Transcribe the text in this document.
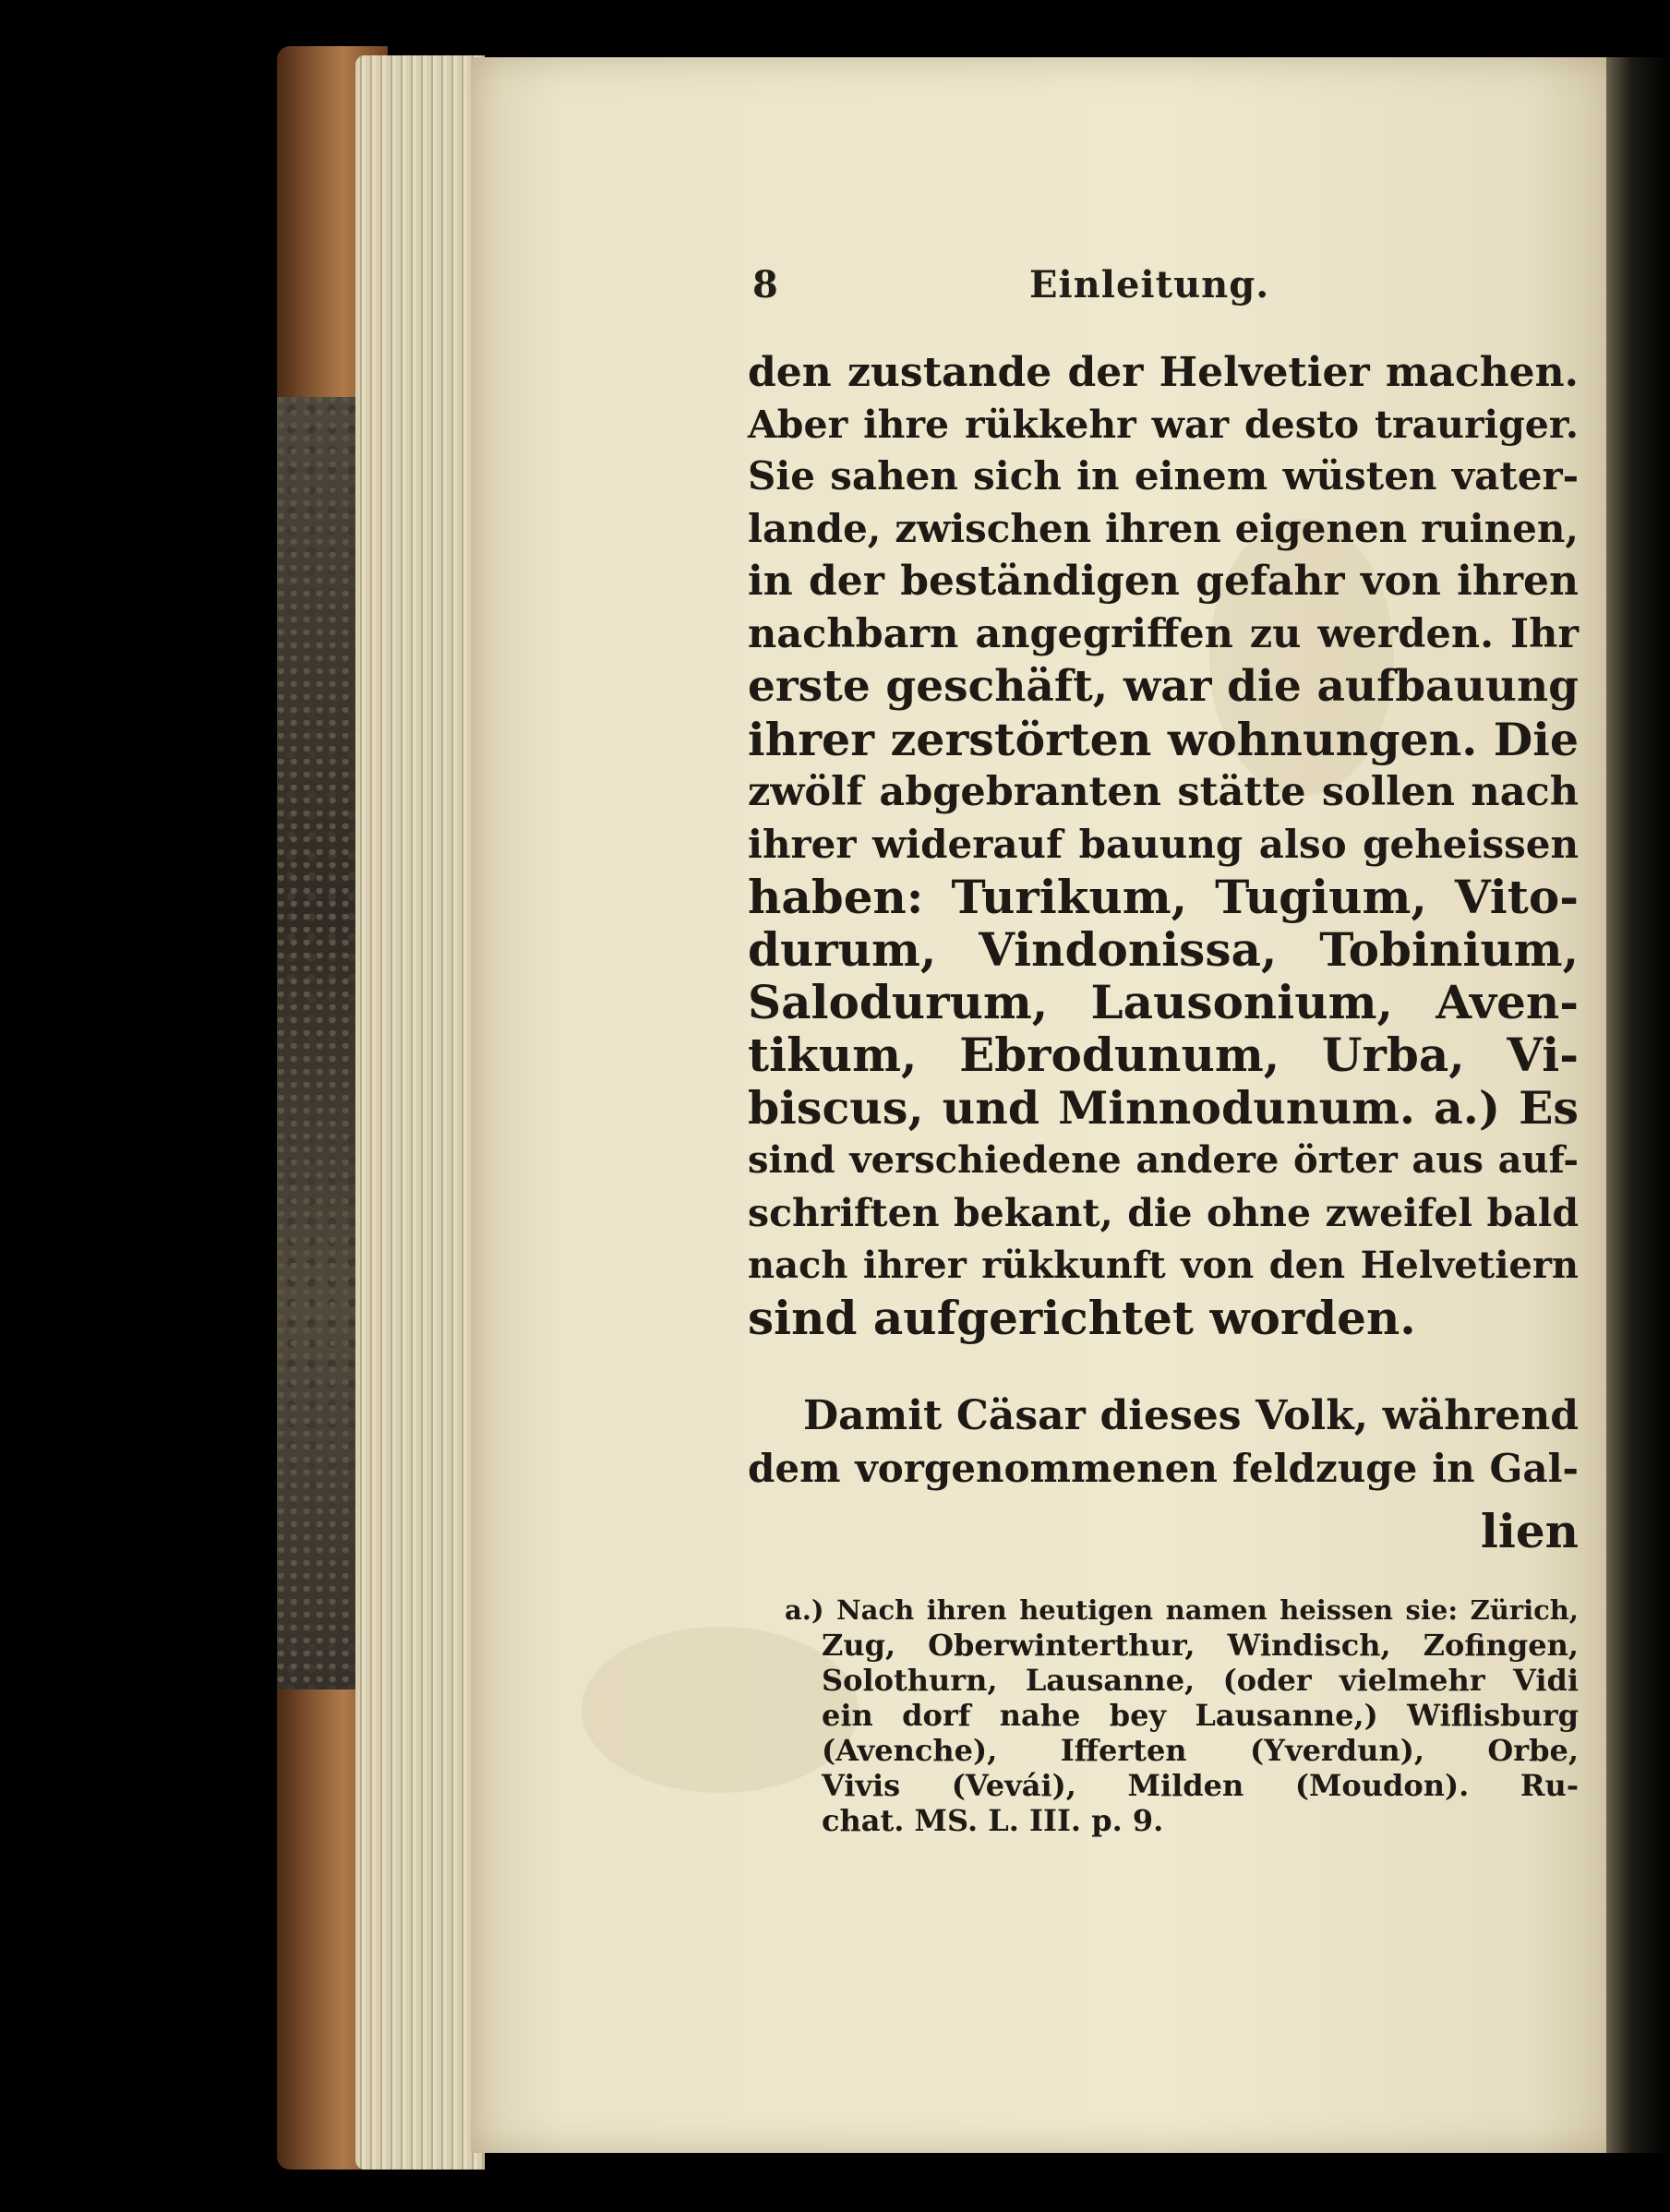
8	Einleitung.
den zustande der Helvetier machen.
Aber ihre rükkehr war desto trauriger.
Sie sahen sich in einem wüsten vater-
lande, zwischen ihren eigenen ruinen,
in der beständigen gefahr von ihren
nachbarn angegriffen zu werden. Ihr
erste geschäft, war die aufbauung
ihrer zerstörten wohnungen. Die
zwölf abgebranten stätte sollen nach
ihrer widerauf bauung also geheissen
haben: Turikum, Tugium, Vito-
durum, Vindonissa, Tobinium,
Salodurum, Lausonium, Aven-
tikum, Ebrodunum, Urba, Vi-
biscus, und Minnodunum. a.) Es
sind verschiedene andere örter aus auf-
schriften bekant, die ohne zweifel bald
nach ihrer rükkunft von den Helvetiern
sind aufgerichtet worden.
Damit Cäsar dieses Volk, während
dem vorgenommenen feldzuge in Gal-
lien
a.) Nach ihren heutigen namen heissen sie: Zürich,
Zug, Oberwinterthur, Windisch, Zofingen,
Solothurn, Lausanne, (oder vielmehr Vidi
ein dorf nahe bey Lausanne,) Wiflisburg
(Avenche), Ifferten (Yverdun), Orbe,
Vivis (Vevái), Milden (Moudon). Ru-
chat. MS. L. III. p. 9.
